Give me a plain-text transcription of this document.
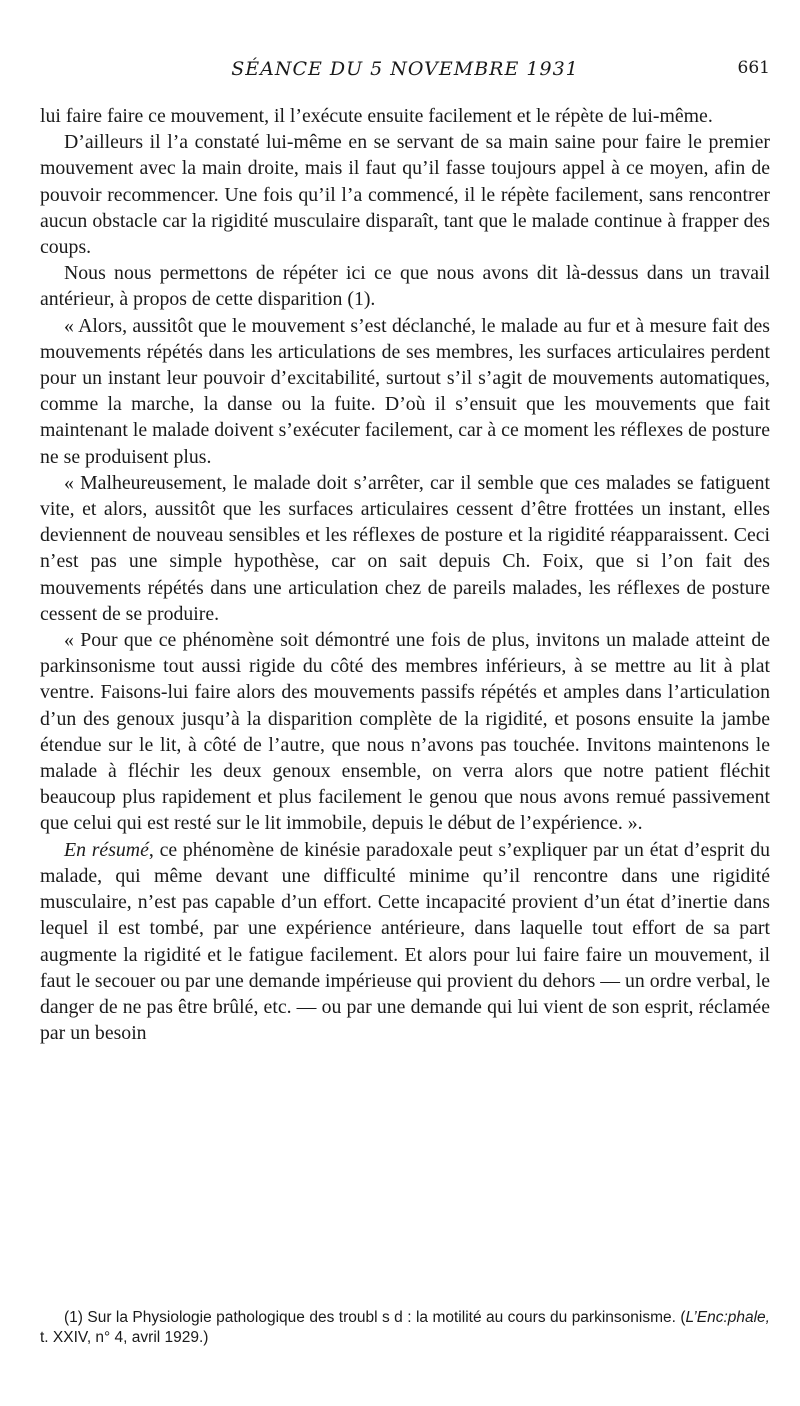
SÉANCE DU 5 NOVEMBRE 1931	661

lui faire faire ce mouvement, il l’exécute ensuite facilement et le répète de lui-même.

D’ailleurs il l’a constaté lui-même en se servant de sa main saine pour faire le premier mouvement avec la main droite, mais il faut qu’il fasse toujours appel à ce moyen, afin de pouvoir recommencer. Une fois qu’il l’a commencé, il le répète facilement, sans rencontrer aucun obstacle car la rigidité musculaire disparaît, tant que le malade continue à frapper des coups.

Nous nous permettons de répéter ici ce que nous avons dit là-dessus dans un travail antérieur, à propos de cette disparition (1).

« Alors, aussitôt que le mouvement s’est déclanché, le malade au fur et à mesure fait des mouvements répétés dans les articulations de ses membres, les surfaces articulaires perdent pour un instant leur pouvoir d’excitabilité, surtout s’il s’agit de mouvements automatiques, comme la marche, la danse ou la fuite. D’où il s’ensuit que les mouvements que fait maintenant le malade doivent s’exécuter facilement, car à ce moment les réflexes de posture ne se produisent plus.

« Malheureusement, le malade doit s’arrêter, car il semble que ces malades se fatiguent vite, et alors, aussitôt que les surfaces articulaires cessent d’être frottées un instant, elles deviennent de nouveau sensibles et les réflexes de posture et la rigidité réapparaissent. Ceci n’est pas une simple hypothèse, car on sait depuis Ch. Foix, que si l’on fait des mouvements répétés dans une articulation chez de pareils malades, les réflexes de posture cessent de se produire.

« Pour que ce phénomène soit démontré une fois de plus, invitons un malade atteint de parkinsonisme tout aussi rigide du côté des membres inférieurs, à se mettre au lit à plat ventre. Faisons-lui faire alors des mouvements passifs répétés et amples dans l’articulation d’un des genoux jusqu’à la disparition complète de la rigidité, et posons ensuite la jambe étendue sur le lit, à côté de l’autre, que nous n’avons pas touchée. Invitons maintenons le malade à fléchir les deux genoux ensemble, on verra alors que notre patient fléchit beaucoup plus rapidement et plus facilement le genou que nous avons remué passivement que celui qui est resté sur le lit immobile, depuis le début de l’expérience. ».

En résumé, ce phénomène de kinésie paradoxale peut s’expliquer par un état d’esprit du malade, qui même devant une difficulté minime qu’il rencontre dans une rigidité musculaire, n’est pas capable d’un effort. Cette incapacité provient d’un état d’inertie dans lequel il est tombé, par une expérience antérieure, dans laquelle tout effort de sa part augmente la rigidité et le fatigue facilement. Et alors pour lui faire faire un mouvement, il faut le secouer ou par une demande impérieuse qui provient du dehors — un ordre verbal, le danger de ne pas être brûlé, etc. — ou par une demande qui lui vient de son esprit, réclamée par un besoin

(1) Sur la Physiologie pathologique des troubl s d : la motilité au cours du parkinsonisme. (L’Enc:phale, t. XXIV, n° 4, avril 1929.)
